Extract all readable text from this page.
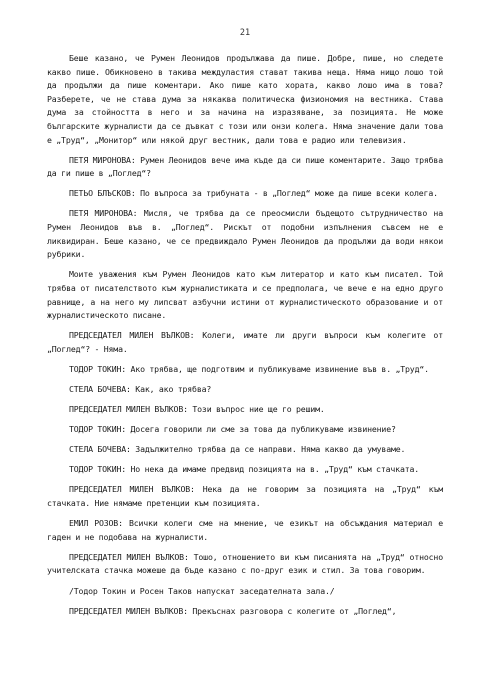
21

Беше казано, че Румен Леонидов продължава да пише. Добре, пише, но следете какво пише. Обикновено в такива междуластия стават такива неща. Няма нищо лошо той да продължи да пише коментари. Ако пише като хората, какво лошо има в това? Разберете, че не става дума за някаква политическа физиономия на вестника. Става дума за стойността в него и за начина на изразяване, за позицията. Не може българските журналисти да се дъвкат с този или онзи колега. Няма значение дали това е „Труд“, „Монитор“ или някой друг вестник, дали това е радио или телевизия.

ПЕТЯ МИРОНОВА: Румен Леонидов вече има къде да си пише коментарите. Защо трябва да ги пише в „Поглед“?

ПЕТЬО БЛЪСКОВ: По въпроса за трибуната - в „Поглед“ може да пише всеки колега.

ПЕТЯ МИРОНОВА: Мисля, че трябва да се преосмисли бъдещото сътрудничество на Румен Леонидов във в. „Поглед“. Рискът от подобни изпълнения съвсем не е ликвидиран. Беше казано, че се предвиждало Румен Леонидов да продължи да води някои рубрики.

Моите уважения към Румен Леонидов като към литератор и като към писател. Той трябва от писателството към журналистиката и се предполага, че вече е на едно друго равнище, а на него му липсват азбучни истини от журналистическото образование и от журналистическото писане.

ПРЕДСЕДАТЕЛ МИЛЕН ВЪЛКОВ: Колеги, имате ли други въпроси към колегите от „Поглед“? - Няма.

ТОДОР ТОКИН: Ако трябва, ще подготвим и публикуваме извинение във в. „Труд“.

СТЕЛА БОЧЕВА: Как, ако трябва?

ПРЕДСЕДАТЕЛ МИЛЕН ВЪЛКОВ: Този въпрос ние ще го решим.

ТОДОР ТОКИН: Досега говорили ли сме за това да публикуваме извинение?

СТЕЛА БОЧЕВА: Задължително трябва да се направи. Няма какво да умуваме.

ТОДОР ТОКИН: Но нека да имаме предвид позицията на в. „Труд“ към стачката.

ПРЕДСЕДАТЕЛ МИЛЕН ВЪЛКОВ: Нека да не говорим за позицията на „Труд“ към стачката. Ние нямаме претенции към позицията.

ЕМИЛ РОЗОВ: Всички колеги сме на мнение, че езикът на обсъждания материал е гаден и не подобава на журналисти.

ПРЕДСЕДАТЕЛ МИЛЕН ВЪЛКОВ: Тошо, отношението ви към писанията на „Труд“ относно учителската стачка можеше да бъде казано с по-друг език и стил. За това говорим.

/Тодор Токин и Росен Таков напускат заседателната зала./

ПРЕДСЕДАТЕЛ МИЛЕН ВЪЛКОВ: Прекъснах разговора с колегите от „Поглед“,
